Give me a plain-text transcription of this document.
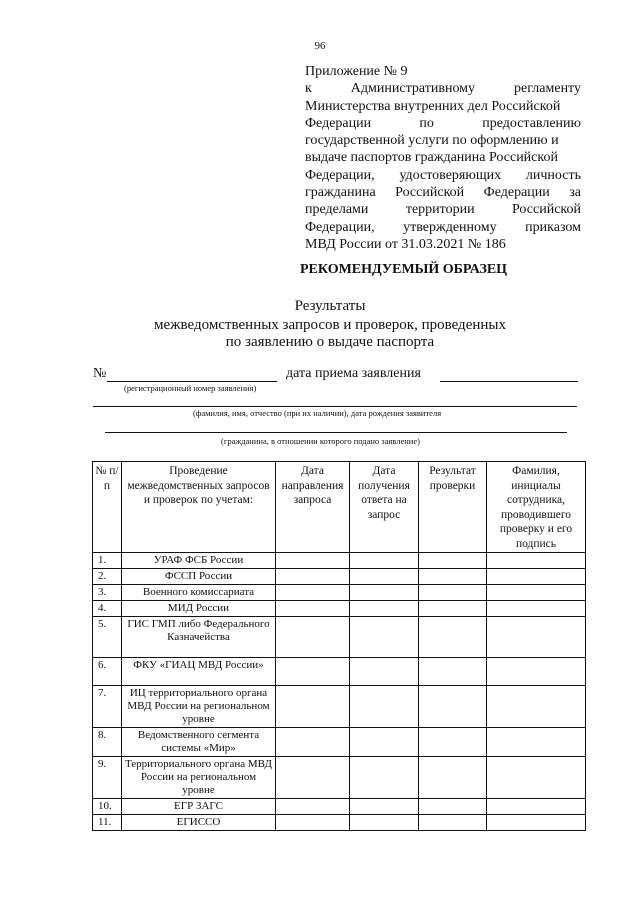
96
Приложение № 9
к Административному регламенту
Министерства внутренних дел Российской
Федерации по предоставлению
государственной услуги по оформлению и
выдаче паспортов гражданина Российской
Федерации, удостоверяющих личность
гражданина Российской Федерации за
пределами территории Российской
Федерации, утвержденному приказом
МВД России от 31.03.2021 № 186
РЕКОМЕНДУЕМЫЙ ОБРАЗЕЦ
Результаты
межведомственных запросов и проверок, проведенных
по заявлению о выдаче паспорта
№	дата приема заявления
(регистрационный номер заявления)
(фамилия, имя, отчество (при их наличии), дата рождения заявителя
(гражданина, в отношении которого подано заявление)
№ п/п	Проведение межведомственных запросов и проверок по учетам:	Дата направления запроса	Дата получения ответа на запрос	Результат проверки	Фамилия, инициалы сотрудника, проводившего проверку и его подпись
1.	УРАФ ФСБ России				
2.	ФССП России				
3.	Военного комиссариата				
4.	МИД России				
5.	ГИС ГМП либо Федерального Казначейства				
6.	ФКУ «ГИАЦ МВД России»				
7.	ИЦ территориального органа МВД России на региональном уровне				
8.	Ведомственного сегмента системы «Мир»				
9.	Территориального органа МВД России на региональном уровне				
10.	ЕГР ЗАГС				
11.	ЕГИССО				
